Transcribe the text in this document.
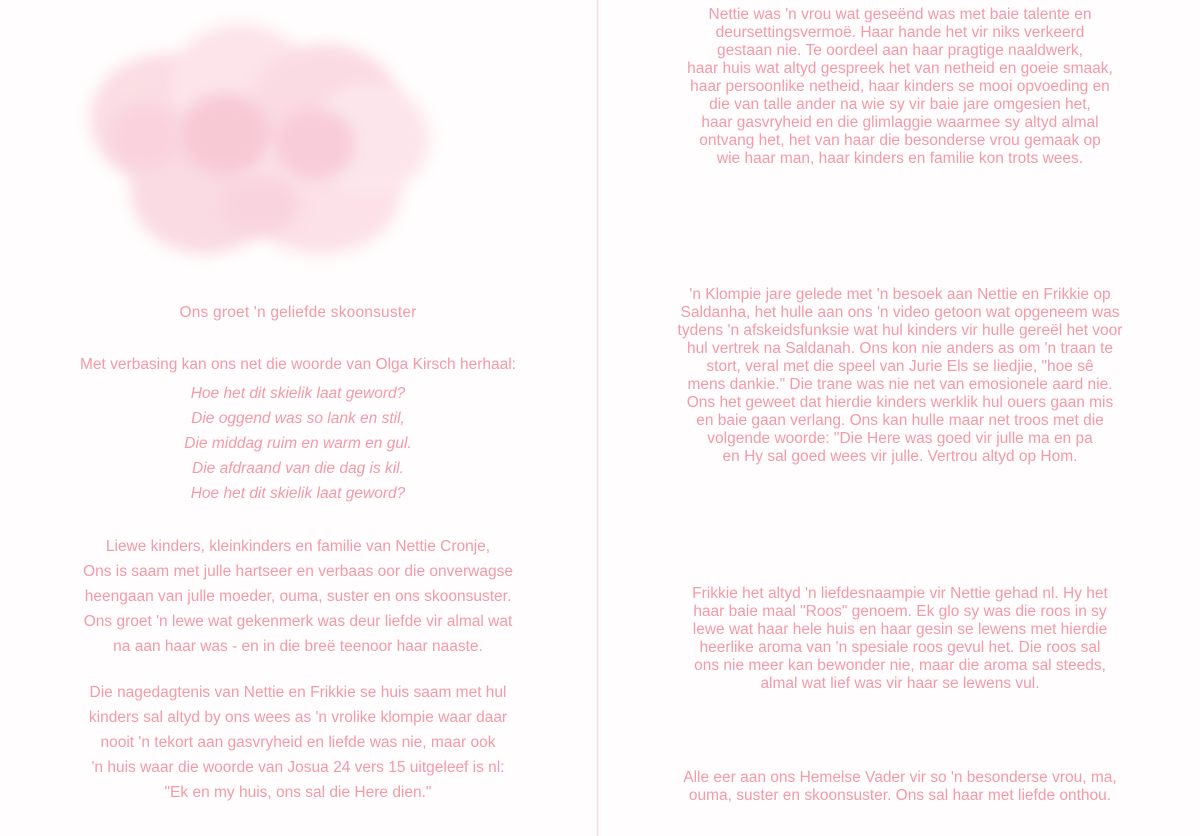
Ons groet 'n geliefde skoonsuster
Met verbasing kan ons net die woorde van Olga Kirsch herhaal:
Hoe het dit skielik laat geword?
Die oggend was so lank en stil,
Die middag ruim en warm en gul.
Die afdraand van die dag is kil.
Hoe het dit skielik laat geword?
Liewe kinders, kleinkinders en familie van Nettie Cronje,
Ons is saam met julle hartseer en verbaas oor die onverwagse
heengaan van julle moeder, ouma, suster en ons skoonsuster.
Ons groet 'n lewe wat gekenmerk was deur liefde vir almal wat
na aan haar was - en in die breë teenoor haar naaste.
Die nagedagtenis van Nettie en Frikkie se huis saam met hul
kinders sal altyd by ons wees as 'n vrolike klompie waar daar
nooit 'n tekort aan gasvryheid en liefde was nie, maar ook
'n huis waar die woorde van Josua 24 vers 15 uitgeleef is nl:
"Ek en my huis, ons sal die Here dien."
Nettie was 'n vrou wat geseënd was met baie talente en
deursettingsvermoë. Haar hande het vir niks verkeerd
gestaan nie. Te oordeel aan haar pragtige naaldwerk,
haar huis wat altyd gespreek het van netheid en goeie smaak,
haar persoonlike netheid, haar kinders se mooi opvoeding en
die van talle ander na wie sy vir baie jare omgesien het,
haar gasvryheid en die glimlaggie waarmee sy altyd almal
ontvang het, het van haar die besonderse vrou gemaak op
wie haar man, haar kinders en familie kon trots wees.
'n Klompie jare gelede met 'n besoek aan Nettie en Frikkie op
Saldanha, het hulle aan ons 'n video getoon wat opgeneem was
tydens 'n afskeidsfunksie wat hul kinders vir hulle gereël het voor
hul vertrek na Saldanah. Ons kon nie anders as om 'n traan te
stort, veral met die speel van Jurie Els se liedjie, "hoe sê
mens dankie." Die trane was nie net van emosionele aard nie.
Ons het geweet dat hierdie kinders werklik hul ouers gaan mis
en baie gaan verlang. Ons kan hulle maar net troos met die
volgende woorde: "Die Here was goed vir julle ma en pa
en Hy sal goed wees vir julle. Vertrou altyd op Hom.
Frikkie het altyd 'n liefdesnaampie vir Nettie gehad nl. Hy het
haar baie maal "Roos" genoem. Ek glo sy was die roos in sy
lewe wat haar hele huis en haar gesin se lewens met hierdie
heerlike aroma van 'n spesiale roos gevul het. Die roos sal
ons nie meer kan bewonder nie, maar die aroma sal steeds,
almal wat lief was vir haar se lewens vul.
Alle eer aan ons Hemelse Vader vir so 'n besonderse vrou, ma,
ouma, suster en skoonsuster. Ons sal haar met liefde onthou.
